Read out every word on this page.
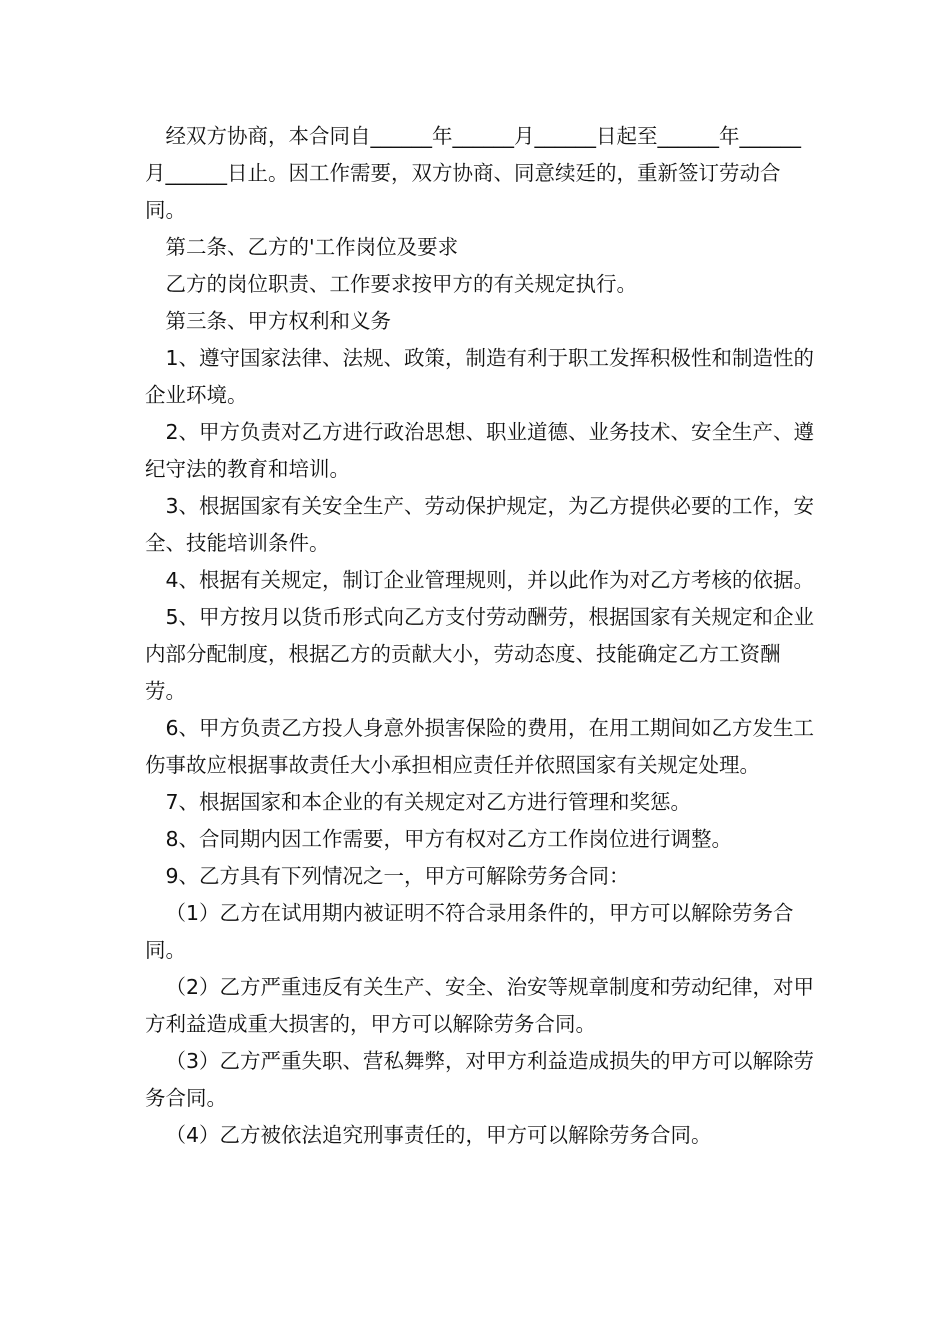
经双方协商，本合同自______年______月______日起至______年______月______日止。因工作需要，双方协商、同意续廷的，重新签订劳动合同。

第二条、乙方的'工作岗位及要求

乙方的岗位职责、工作要求按甲方的有关规定执行。

第三条、甲方权利和义务

1、遵守国家法律、法规、政策，制造有利于职工发挥积极性和制造性的企业环境。

2、甲方负责对乙方进行政治思想、职业道德、业务技术、安全生产、遵纪守法的教育和培训。

3、根据国家有关安全生产、劳动保护规定，为乙方提供必要的工作，安全、技能培训条件。

4、根据有关规定，制订企业管理规则，并以此作为对乙方考核的依据。

5、甲方按月以货币形式向乙方支付劳动酬劳，根据国家有关规定和企业内部分配制度，根据乙方的贡献大小，劳动态度、技能确定乙方工资酬劳。

6、甲方负责乙方投人身意外损害保险的费用，在用工期间如乙方发生工伤事故应根据事故责任大小承担相应责任并依照国家有关规定处理。

7、根据国家和本企业的有关规定对乙方进行管理和奖惩。

8、合同期内因工作需要，甲方有权对乙方工作岗位进行调整。

9、乙方具有下列情况之一，甲方可解除劳务合同：

（1）乙方在试用期内被证明不符合录用条件的，甲方可以解除劳务合同。

（2）乙方严重违反有关生产、安全、治安等规章制度和劳动纪律，对甲方利益造成重大损害的，甲方可以解除劳务合同。

（3）乙方严重失职、营私舞弊，对甲方利益造成损失的甲方可以解除劳务合同。

（4）乙方被依法追究刑事责任的，甲方可以解除劳务合同。
